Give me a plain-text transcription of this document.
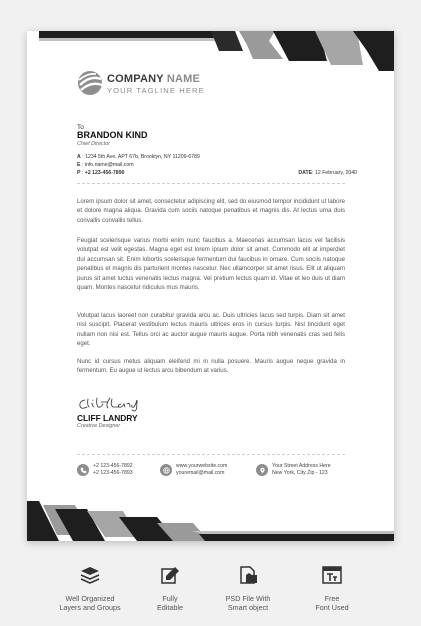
COMPANY NAME
YOUR TAGLINE HERE
To
BRANDON KIND
Chief Director
A : 1234 5th Ave, APT 67b, Brooklyn, NY 11209-6789
E : info.name@mail.com
P : +2 123-456-7890	DATE: 12 February, 2040

Lorem ipsum dolor sit amet, consectetur adipiscing elit, sed do eiusmod tempor incididunt ut labore et dolore magna aliqua. Gravida cum sociis natoque penatibus et magnis dis. At lectus urna duis convallis convallis tellus.

Feugiat scelerisque varius morbi enim nunc faucibus a. Maecenas accumsan lacus vel facilisis volutpat est velit egestas. Magna eget est lorem ipsum dolor sit amet. Commodo elit at imperdiet dui accumsan sit. Enim lobortis scelerisque fermentum dui faucibus in ornare. Cum sociis natoque penatibus et magnis dis parturient montes nascetur. Nec ullamcorper sit amet risus. Elit ut aliquam purus sit amet luctus venenatis lectus magna. Vel pretium lectus quam id. Vitae et leo duis ut diam quam. Montes nascetur ridiculus mus mauris.

Volutpat lacus laoreet non curabitur gravida arcu ac. Duis ultricies lacus sed turpis. Diam sit amet nisl suscipit. Placerat vestibulum lectus mauris ultrices eros in cursus turpis. Nisl tincidunt eget nullam non nisi est. Tellus orci ac auctor augue mauris augue. Porta nibh venenatis cras sed felis eget.

Nunc id cursus metus aliquam eleifend mi in nulla posuere. Mauris augue neque gravida in fermentum. Eu augue ut lectus arcu bibendum at varius.

CLIFF LANDRY
Creative Designer
+2 123-456-7892
+2 123-456-7893
www.yourwebsite.com
youremail@mail.com
Your Street Address Here
New York, City Zip - 123
Well Organized
Layers and Groups
Fully
Editable
PSD File With
Smart object
Free
Font Used
